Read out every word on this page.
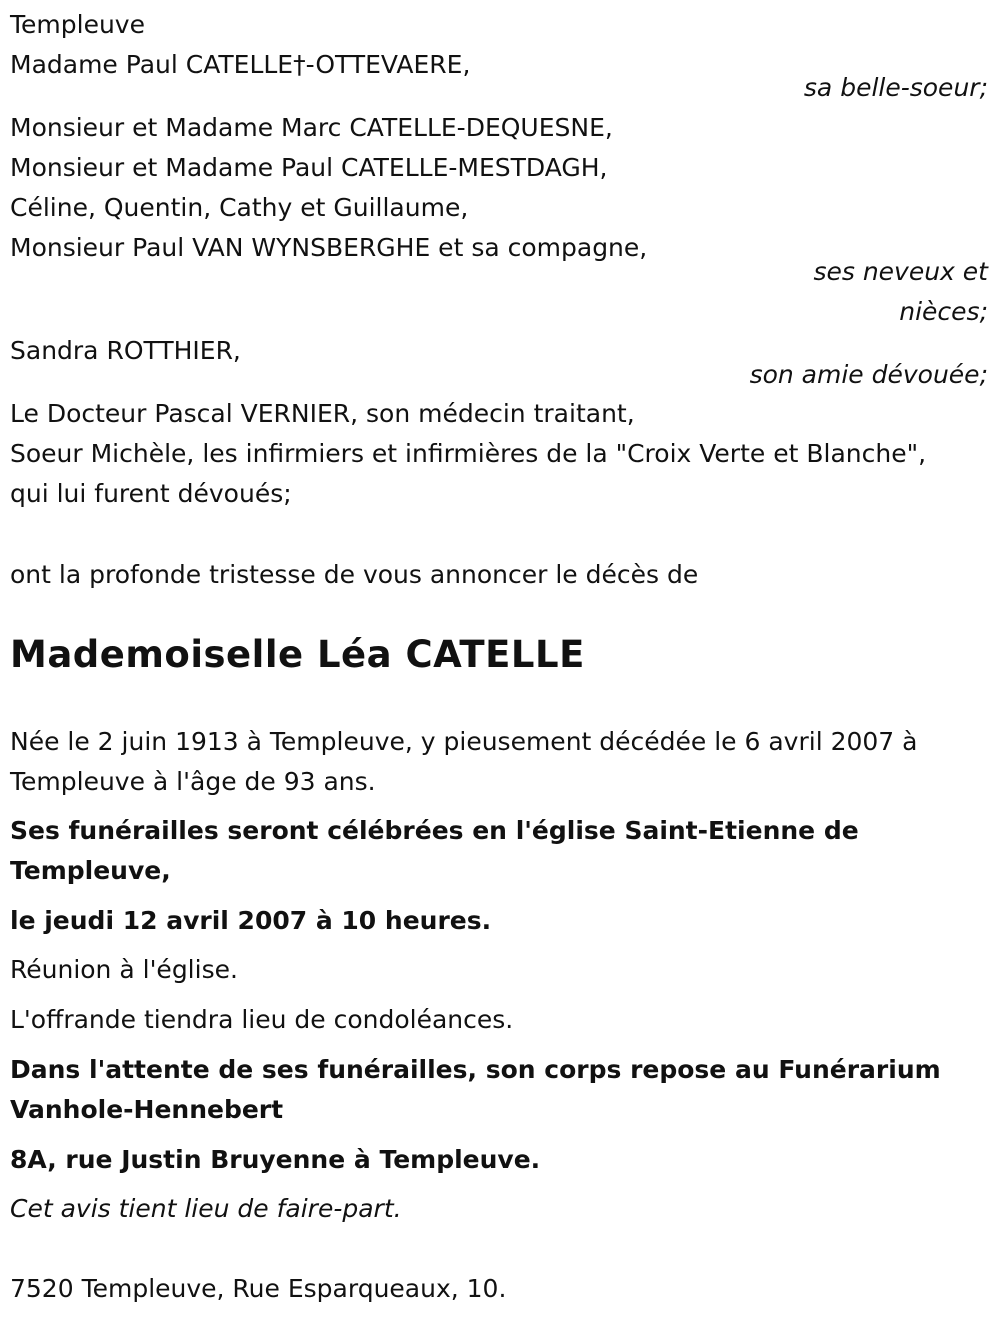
Templeuve
Madame Paul CATELLE†-OTTEVAERE,
sa belle-soeur;
Monsieur et Madame Marc CATELLE-DEQUESNE,
Monsieur et Madame Paul CATELLE-MESTDAGH,
Céline, Quentin, Cathy et Guillaume,
Monsieur Paul VAN WYNSBERGHE et sa compagne,
ses neveux et
nièces;
Sandra ROTTHIER,
son amie dévouée;
Le Docteur Pascal VERNIER, son médecin traitant,
Soeur Michèle, les infirmiers et infirmières de la "Croix Verte et Blanche",
qui lui furent dévoués;
ont la profonde tristesse de vous annoncer le décès de
Mademoiselle Léa CATELLE
Née le 2 juin 1913 à Templeuve, y pieusement décédée le 6 avril 2007 à
Templeuve à l'âge de 93 ans.
Ses funérailles seront célébrées en l'église Saint-Etienne de
Templeuve,
le jeudi 12 avril 2007 à 10 heures.
Réunion à l'église.
L'offrande tiendra lieu de condoléances.
Dans l'attente de ses funérailles, son corps repose au Funérarium
Vanhole-Hennebert
8A, rue Justin Bruyenne à Templeuve.
Cet avis tient lieu de faire-part.
7520 Templeuve, Rue Esparqueaux, 10.
